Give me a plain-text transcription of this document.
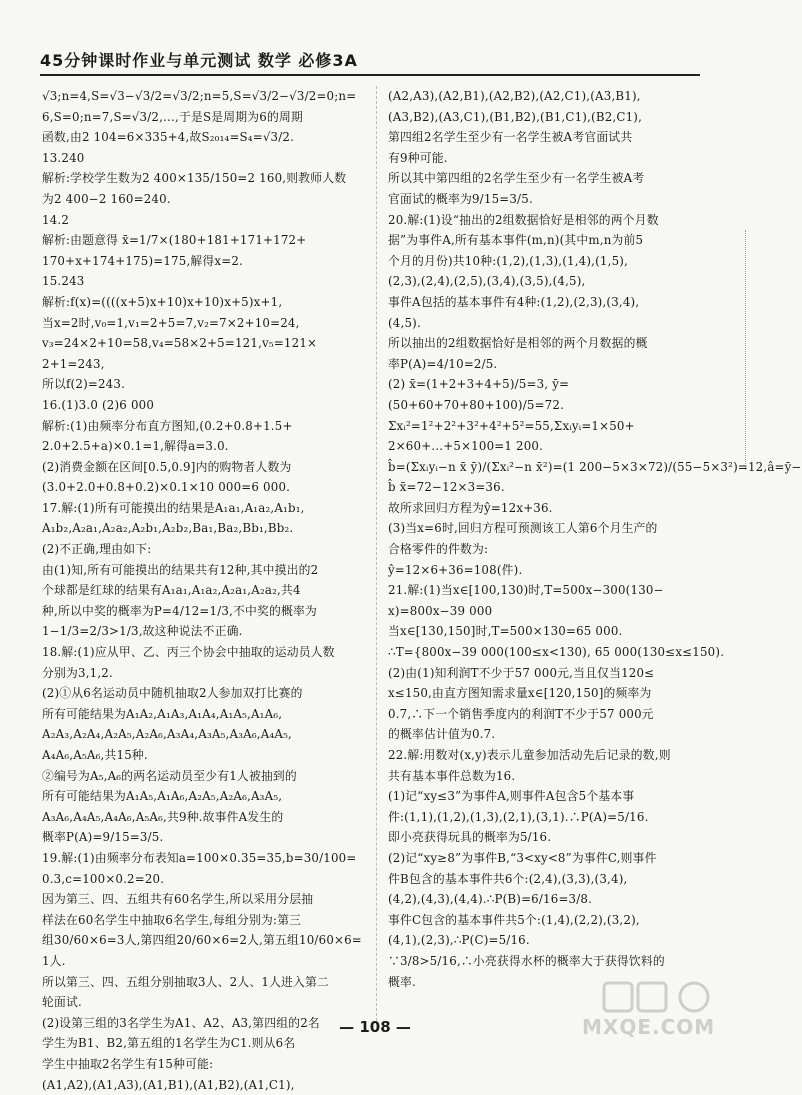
45分钟课时作业与单元测试 数学 必修3A
√3;n=4,S=√3−√3/2=√3/2;n=5,S=√3/2−√3/2=0;n=
6,S=0;n=7,S=√3/2,…,于是S是周期为6的周期
函数,由2 104=6×335+4,故S₂₀₁₄=S₄=√3/2.
13.240
解析:学校学生数为2 400×135/150=2 160,则教师人数
为2 400−2 160=240.
14.2
解析:由题意得 x̄=1/7×(180+181+171+172+
170+x+174+175)=175,解得x=2.
15.243
解析:f(x)=((((x+5)x+10)x+10)x+5)x+1,
当x=2时,v₀=1,v₁=2+5=7,v₂=7×2+10=24,
v₃=24×2+10=58,v₄=58×2+5=121,v₅=121×
2+1=243,
所以f(2)=243.
16.(1)3.0 (2)6 000
解析:(1)由频率分布直方图知,(0.2+0.8+1.5+
2.0+2.5+a)×0.1=1,解得a=3.0.
(2)消费金额在区间[0.5,0.9]内的购物者人数为
(3.0+2.0+0.8+0.2)×0.1×10 000=6 000.
17.解:(1)所有可能摸出的结果是A₁a₁,A₁a₂,A₁b₁,
A₁b₂,A₂a₁,A₂a₂,A₂b₁,A₂b₂,Ba₁,Ba₂,Bb₁,Bb₂.
(2)不正确,理由如下:
由(1)知,所有可能摸出的结果共有12种,其中摸出的2
个球都是红球的结果有A₁a₁,A₁a₂,A₂a₁,A₂a₂,共4
种,所以中奖的概率为P=4/12=1/3,不中奖的概率为
1−1/3=2/3>1/3,故这种说法不正确.
18.解:(1)应从甲、乙、丙三个协会中抽取的运动员人数
分别为3,1,2.
(2)①从6名运动员中随机抽取2人参加双打比赛的
所有可能结果为A₁A₂,A₁A₃,A₁A₄,A₁A₅,A₁A₆,
A₂A₃,A₂A₄,A₂A₅,A₂A₆,A₃A₄,A₃A₅,A₃A₆,A₄A₅,
A₄A₆,A₅A₆,共15种.
②编号为A₅,A₆的两名运动员至少有1人被抽到的
所有可能结果为A₁A₅,A₁A₆,A₂A₅,A₂A₆,A₃A₅,
A₃A₆,A₄A₅,A₄A₆,A₅A₆,共9种.故事件A发生的
概率P(A)=9/15=3/5.
19.解:(1)由频率分布表知a=100×0.35=35,b=30/100=
0.3,c=100×0.2=20.
因为第三、四、五组共有60名学生,所以采用分层抽
样法在60名学生中抽取6名学生,每组分别为:第三
组30/60×6=3人,第四组20/60×6=2人,第五组10/60×6=
1人.
所以第三、四、五组分别抽取3人、2人、1人进入第二
轮面试.
(2)设第三组的3名学生为A1、A2、A3,第四组的2名
学生为B1、B2,第五组的1名学生为C1.则从6名
学生中抽取2名学生有15种可能:
(A1,A2),(A1,A3),(A1,B1),(A1,B2),(A1,C1),
(A2,A3),(A2,B1),(A2,B2),(A2,C1),(A3,B1),
(A3,B2),(A3,C1),(B1,B2),(B1,C1),(B2,C1),
第四组2名学生至少有一名学生被A考官面试共
有9种可能.
所以其中第四组的2名学生至少有一名学生被A考
官面试的概率为9/15=3/5.
20.解:(1)设“抽出的2组数据恰好是相邻的两个月数
据”为事件A,所有基本事件(m,n)(其中m,n为前5
个月的月份)共10种:(1,2),(1,3),(1,4),(1,5),
(2,3),(2,4),(2,5),(3,4),(3,5),(4,5),
事件A包括的基本事件有4种:(1,2),(2,3),(3,4),
(4,5).
所以抽出的2组数据恰好是相邻的两个月数据的概
率P(A)=4/10=2/5.
(2) x̄=(1+2+3+4+5)/5=3, ȳ=
(50+60+70+80+100)/5=72.
Σxᵢ²=1²+2²+3²+4²+5²=55,Σxᵢyᵢ=1×50+
2×60+…+5×100=1 200.
b̂=(Σxᵢyᵢ−n x̄ ȳ)/(Σxᵢ²−n x̄²)=(1 200−5×3×72)/(55−5×3²)=12,â=ȳ−
b̂ x̄=72−12×3=36.
故所求回归方程为ŷ=12x+36.
(3)当x=6时,回归方程可预测该工人第6个月生产的
合格零件的件数为:
ŷ=12×6+36=108(件).
21.解:(1)当x∈[100,130)时,T=500x−300(130−
x)=800x−39 000
当x∈[130,150]时,T=500×130=65 000.
∴T={800x−39 000(100≤x<130), 65 000(130≤x≤150).
(2)由(1)知利润T不少于57 000元,当且仅当120≤
x≤150,由直方图知需求量x∈[120,150]的频率为
0.7,∴下一个销售季度内的利润T不少于57 000元
的概率估计值为0.7.
22.解:用数对(x,y)表示儿童参加活动先后记录的数,则
共有基本事件总数为16.
(1)记“xy≤3”为事件A,则事件A包含5个基本事
件:(1,1),(1,2),(1,3),(2,1),(3,1).∴P(A)=5/16.
即小亮获得玩具的概率为5/16.
(2)记“xy≥8”为事件B,“3<xy<8”为事件C,则事件
件B包含的基本事件共6个:(2,4),(3,3),(3,4),
(4,2),(4,3),(4,4).∴P(B)=6/16=3/8.
事件C包含的基本事件共5个:(1,4),(2,2),(3,2),
(4,1),(2,3),∴P(C)=5/16.
∵3/8>5/16,∴小亮获得水杯的概率大于获得饮料的
概率.
— 108 —	MXQE.COM
